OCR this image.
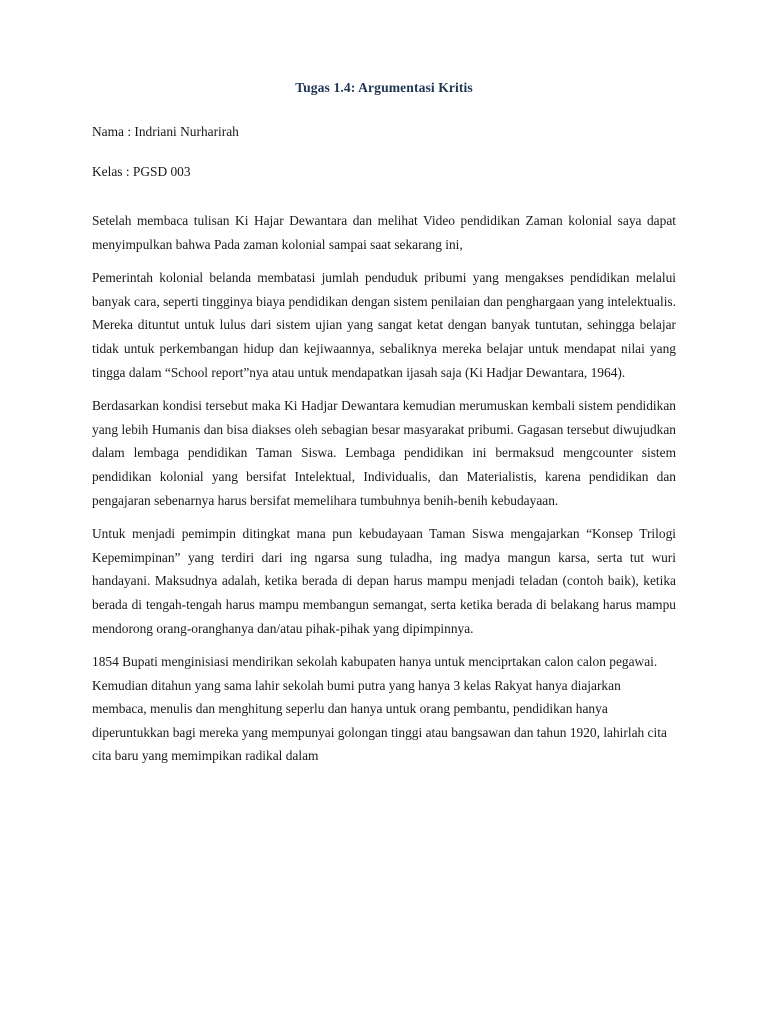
Tugas 1.4: Argumentasi Kritis
Nama : Indriani Nurharirah
Kelas : PGSD 003

Setelah membaca tulisan Ki Hajar Dewantara dan melihat Video pendidikan Zaman kolonial saya dapat menyimpulkan bahwa Pada zaman kolonial sampai saat sekarang ini,

Pemerintah kolonial belanda membatasi jumlah penduduk pribumi yang mengakses pendidikan melalui banyak cara, seperti tingginya biaya pendidikan dengan sistem penilaian dan penghargaan yang intelektualis. Mereka dituntut untuk lulus dari sistem ujian yang sangat ketat dengan banyak tuntutan, sehingga belajar tidak untuk perkembangan hidup dan kejiwaannya, sebaliknya mereka belajar untuk mendapat nilai yang tingga dalam “School report”nya atau untuk mendapatkan ijasah saja (Ki Hadjar Dewantara, 1964).

Berdasarkan kondisi tersebut maka Ki Hadjar Dewantara kemudian merumuskan kembali sistem pendidikan yang lebih Humanis dan bisa diakses oleh sebagian besar masyarakat pribumi. Gagasan tersebut diwujudkan dalam lembaga pendidikan Taman Siswa. Lembaga pendidikan ini bermaksud mengcounter sistem pendidikan kolonial yang bersifat Intelektual, Individualis, dan Materialistis, karena pendidikan dan pengajaran sebenarnya harus bersifat memelihara tumbuhnya benih-benih kebudayaan.

Untuk menjadi pemimpin ditingkat mana pun kebudayaan Taman Siswa mengajarkan “Konsep Trilogi Kepemimpinan” yang terdiri dari ing ngarsa sung tuladha, ing madya mangun karsa, serta tut wuri handayani. Maksudnya adalah, ketika berada di depan harus mampu menjadi teladan (contoh baik), ketika berada di tengah-tengah harus mampu membangun semangat, serta ketika berada di belakang harus mampu mendorong orang-oranghanya dan/atau pihak-pihak yang dipimpinnya.

1854 Bupati menginisiasi mendirikan sekolah kabupaten hanya untuk menciprtakan calon calon pegawai. Kemudian ditahun yang sama lahir sekolah bumi putra yang hanya 3 kelas Rakyat hanya diajarkan membaca, menulis dan menghitung seperlu dan hanya untuk orang pembantu, pendidikan hanya diperuntukkan bagi mereka yang mempunyai golongan tinggi atau bangsawan dan tahun 1920, lahirlah cita cita baru yang memimpikan radikal dalam
